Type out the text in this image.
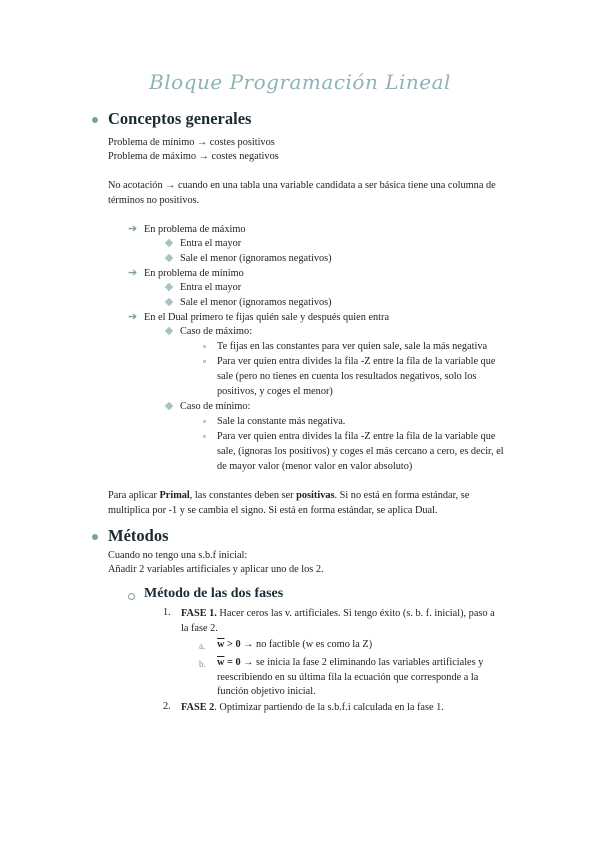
Bloque Programación Lineal
Conceptos generales
Problema de mínimo → costes positivos
Problema de máximo → costes negativos
No acotación → cuando en una tabla una variable candidata a ser básica tiene una columna de
términos no positivos.
➔ En problema de máximo
Entra el mayor
Sale el menor (ignoramos negativos)
➔ En problema de mínimo
Entra el mayor
Sale el menor (ignoramos negativos)
➔ En el Dual primero te fijas quién sale y después quien entra
Caso de máximo:
Te fijas en las constantes para ver quien sale, sale la más negativa
Para ver quien entra divides la fila -Z entre la fila de la variable que
sale (pero no tienes en cuenta los resultados negativos, solo los
positivos, y coges el menor)
Caso de mínimo:
Sale la constante más negativa.
Para ver quien entra divides la fila -Z entre la fila de la variable que
sale, (ignoras los positivos) y coges el más cercano a cero, es decir, el
de mayor valor (menor valor en valor absoluto)
Para aplicar Primal, las constantes deben ser positivas. Si no está en forma estándar, se
multiplica por -1 y se cambia el signo. Si está en forma estándar, se aplica Dual.
Métodos
Cuando no tengo una s.b.f inicial:
Añadir 2 variables artificiales y aplicar uno de los 2.
Método de las dos fases
1. FASE 1. Hacer ceros las v. artificiales. Si tengo éxito (s. b. f. inicial), paso a
la fase 2.
a. $\overline{w} > 0$ → no factible (w es como la Z)
b. $\overline{w} = 0$ → se inicia la fase 2 eliminando las variables artificiales y
reescribiendo en su última fila la ecuación que corresponde a la
función objetivo inicial.
2. FASE 2. Optimizar partiendo de la s.b.f.i calculada en la fase 1.
